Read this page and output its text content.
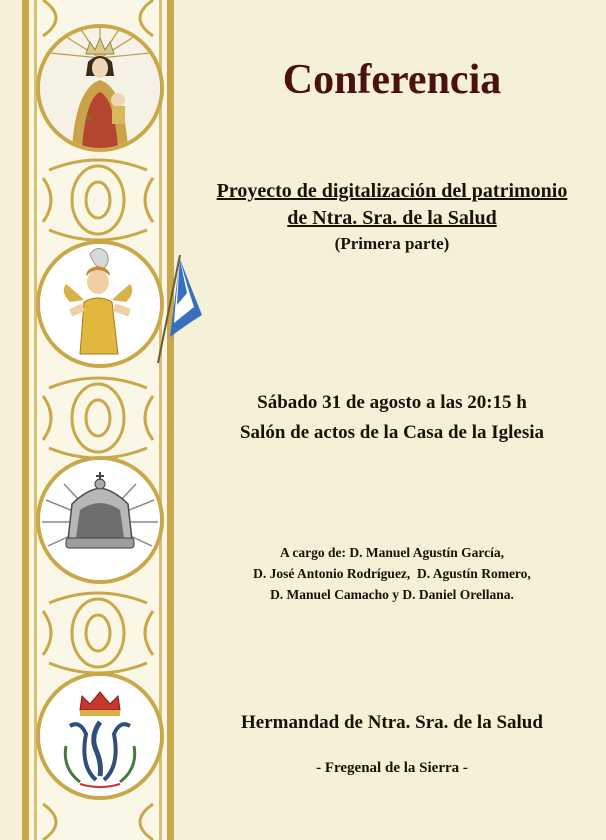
Conferencia
Proyecto de digitalización del patrimonio
de Ntra. Sra. de la Salud
(Primera parte)
Sábado 31 de agosto a las 20:15 h
Salón de actos de la Casa de la Iglesia
A cargo de: D. Manuel Agustín García,
D. José Antonio Rodríguez,  D. Agustín Romero,
D. Manuel Camacho y D. Daniel Orellana.
Hermandad de Ntra. Sra. de la Salud
- Fregenal de la Sierra -
